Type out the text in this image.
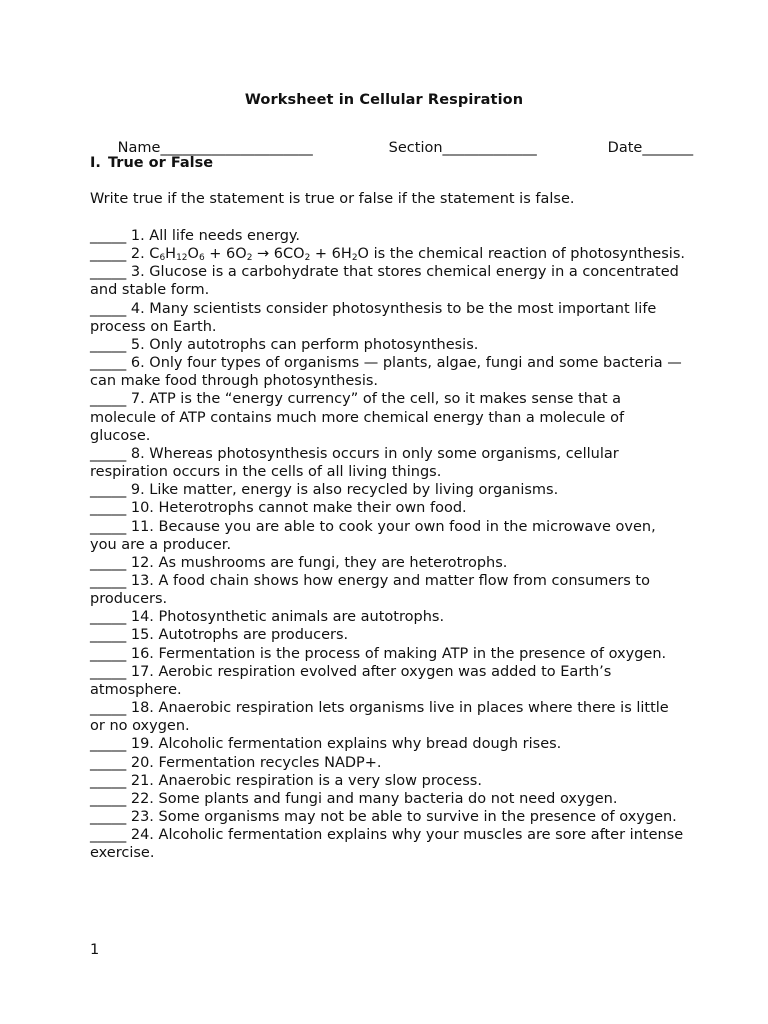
Worksheet in Cellular Respiration

Name_____________________
	Section_____________
	Date_______

I. True or False
Write true if the statement is true or false if the statement is false.
_____ 1. All life needs energy.
_____ 2. $C_6H_{12}O_6 + 6O_2 \to 6CO_2 + 6H_2O$ is the chemical reaction of photosynthesis.
_____ 3. Glucose is a carbohydrate that stores chemical energy in a concentrated and stable form.
_____ 4. Many scientists consider photosynthesis to be the most important life process on Earth.
_____ 5. Only autotrophs can perform photosynthesis.
_____ 6. Only four types of organisms — plants, algae, fungi and some bacteria — can make food through photosynthesis.
_____ 7. ATP is the “energy currency” of the cell, so it makes sense that a molecule of ATP contains much more chemical energy than a molecule of glucose.
_____ 8. Whereas photosynthesis occurs in only some organisms, cellular respiration occurs in the cells of all living things.
_____ 9. Like matter, energy is also recycled by living organisms.
_____ 10. Heterotrophs cannot make their own food.
_____ 11. Because you are able to cook your own food in the microwave oven, you are a producer.
_____ 12. As mushrooms are fungi, they are heterotrophs.
_____ 13. A food chain shows how energy and matter flow from consumers to producers.
_____ 14. Photosynthetic animals are autotrophs.
_____ 15. Autotrophs are producers.
_____ 16. Fermentation is the process of making ATP in the presence of oxygen.
_____ 17. Aerobic respiration evolved after oxygen was added to Earth’s atmosphere.
_____ 18. Anaerobic respiration lets organisms live in places where there is little or no oxygen.
_____ 19. Alcoholic fermentation explains why bread dough rises.
_____ 20. Fermentation recycles NADP+.
_____ 21. Anaerobic respiration is a very slow process.
_____ 22. Some plants and fungi and many bacteria do not need oxygen.
_____ 23. Some organisms may not be able to survive in the presence of oxygen.
_____ 24. Alcoholic fermentation explains why your muscles are sore after intense exercise.
1
